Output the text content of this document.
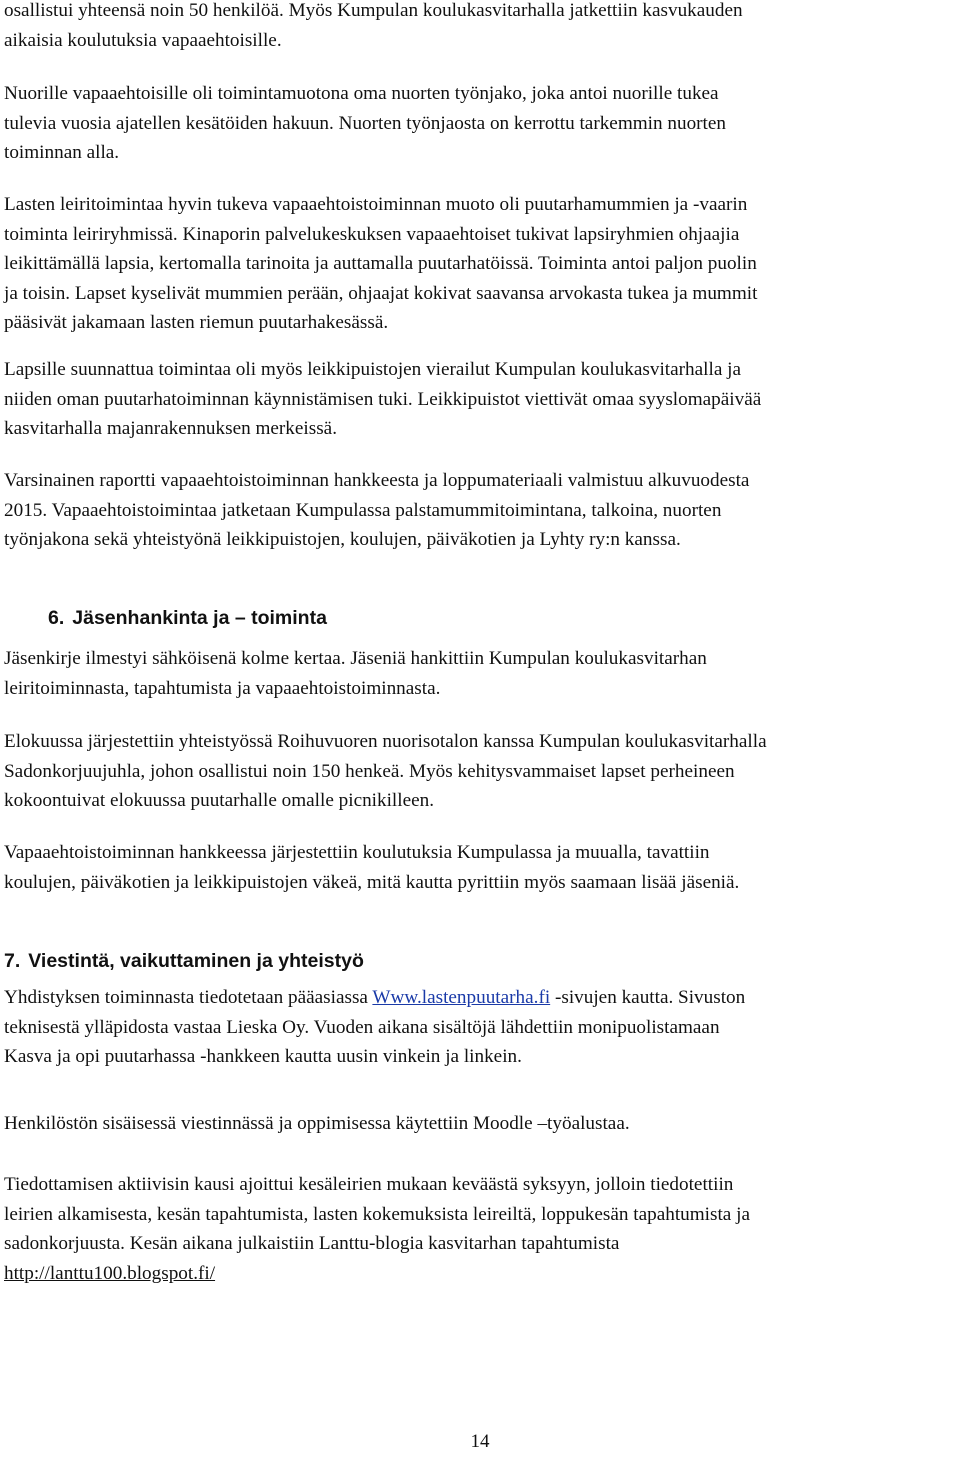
osallistui yhteensä noin 50 henkilöä. Myös Kumpulan koulukasvitarhalla jatkettiin kasvukauden
aikaisia koulutuksia vapaaehtoisille.

Nuorille vapaaehtoisille oli toimintamuotona oma nuorten työnjako, joka antoi nuorille tukea
tulevia vuosia ajatellen kesätöiden hakuun. Nuorten työnjaosta on kerrottu tarkemmin nuorten
toiminnan alla.

Lasten leiritoimintaa hyvin tukeva vapaaehtoistoiminnan muoto oli puutarhamummien ja -vaarin
toiminta leiriryhmissä. Kinaporin palvelukeskuksen vapaaehtoiset tukivat lapsiryhmien ohjaajia
leikittämällä lapsia, kertomalla tarinoita ja auttamalla puutarhatöissä. Toiminta antoi paljon puolin
ja toisin. Lapset kyselivät mummien perään, ohjaajat kokivat saavansa arvokasta tukea ja mummit
pääsivät jakamaan lasten riemun puutarhakesässä.

Lapsille suunnattua toimintaa oli myös leikkipuistojen vierailut Kumpulan koulukasvitarhalla ja
niiden oman puutarhatoiminnan käynnistämisen tuki. Leikkipuistot viettivät omaa syyslomapäivää
kasvitarhalla majanrakennuksen merkeissä.

Varsinainen raportti vapaaehtoistoiminnan hankkeesta ja loppumateriaali valmistuu alkuvuodesta
2015. Vapaaehtoistoimintaa jatketaan Kumpulassa palstamummitoimintana, talkoina, nuorten
työnjakona sekä yhteistyönä leikkipuistojen, koulujen, päiväkotien ja Lyhty ry:n kanssa.

6. Jäsenhankinta ja – toiminta

Jäsenkirje ilmestyi sähköisenä kolme kertaa. Jäseniä hankittiin Kumpulan koulukasvitarhan
leiritoiminnasta, tapahtumista ja vapaaehtoistoiminnasta.

Elokuussa järjestettiin yhteistyössä Roihuvuoren nuorisotalon kanssa Kumpulan koulukasvitarhalla
Sadonkorjuujuhla, johon osallistui noin 150 henkeä. Myös kehitysvammaiset lapset perheineen
kokoontuivat elokuussa puutarhalle omalle picnikilleen.

Vapaaehtoistoiminnan hankkeessa järjestettiin koulutuksia Kumpulassa ja muualla, tavattiin
koulujen, päiväkotien ja leikkipuistojen väkeä, mitä kautta pyrittiin myös saamaan lisää jäseniä.

7. Viestintä, vaikuttaminen ja yhteistyö

Yhdistyksen toiminnasta tiedotetaan pääasiassa Www.lastenpuutarha.fi -sivujen kautta. Sivuston
teknisestä ylläpidosta vastaa Lieska Oy. Vuoden aikana sisältöjä lähdettiin monipuolistamaan
Kasva ja opi puutarhassa -hankkeen kautta uusin vinkein ja linkein.

Henkilöstön sisäisessä viestinnässä ja oppimisessa käytettiin Moodle –työalustaa.

Tiedottamisen aktiivisin kausi ajoittui kesäleirien mukaan keväästä syksyyn, jolloin tiedotettiin
leirien alkamisesta, kesän tapahtumista, lasten kokemuksista leireiltä, loppukesän tapahtumista ja
sadonkorjuusta. Kesän aikana julkaistiin Lanttu-blogia kasvitarhan tapahtumista
http://lanttu100.blogspot.fi/

14
